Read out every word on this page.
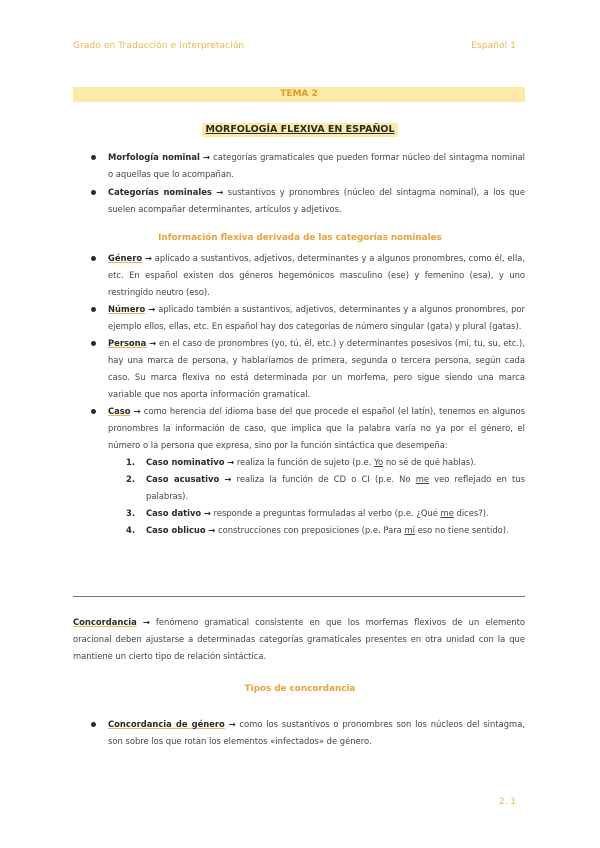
Grado en Traducción e Interpretación	Español 1
TEMA 2
MORFOLOGÍA FLEXIVA EN ESPAÑOL
Morfología nominal → categorías gramaticales que pueden formar núcleo del sintagma nominal o aquellas que lo acompañan.
Categorías nominales → sustantivos y pronombres (núcleo del sintagma nominal), a los que suelen acompañar determinantes, artículos y adjetivos.
Información flexiva derivada de las categorías nominales
Género → aplicado a sustantivos, adjetivos, determinantes y a algunos pronombres, como él, ella, etc. En español existen dos géneros hegemónicos masculino (ese) y femenino (esa), y uno restringido neutro (eso).
Número → aplicado también a sustantivos, adjetivos, determinantes y a algunos pronombres, por ejemplo ellos, ellas, etc. En español hay dos categorías de número singular (gata) y plural (gatas).
Persona → en el caso de pronombres (yo, tú, él, etc.) y determinantes posesivos (mi, tu, su, etc.), hay una marca de persona, y hablaríamos de primera, segunda o tercera persona, según cada caso. Su marca flexiva no está determinada por un morfema, pero sigue siendo una marca variable que nos aporta información gramatical.
Caso → como herencia del idioma base del que procede el español (el latín), tenemos en algunos pronombres la información de caso, que implica que la palabra varía no ya por el género, el número o la persona que expresa, sino por la función sintáctica que desempeña:
1. Caso nominativo → realiza la función de sujeto (p.e. Yo no sé de qué hablas).
2. Caso acusativo → realiza la función de CD o CI (p.e. No me veo reflejado en tus palabras).
3. Caso dativo → responde a preguntas formuladas al verbo (p.e. ¿Qué me dices?).
4. Caso oblicuo → construcciones con preposiciones (p.e. Para mí eso no tiene sentido).
Concordancia → fenómeno gramatical consistente en que los morfemas flexivos de un elemento oracional deben ajustarse a determinadas categorías gramaticales presentes en otra unidad con la que mantiene un cierto tipo de relación sintáctica.
Tipos de concordancia
Concordancia de género → como los sustantivos o pronombres son los núcleos del sintagma, son sobre los que rotan los elementos «infectados» de género.
2. 1
